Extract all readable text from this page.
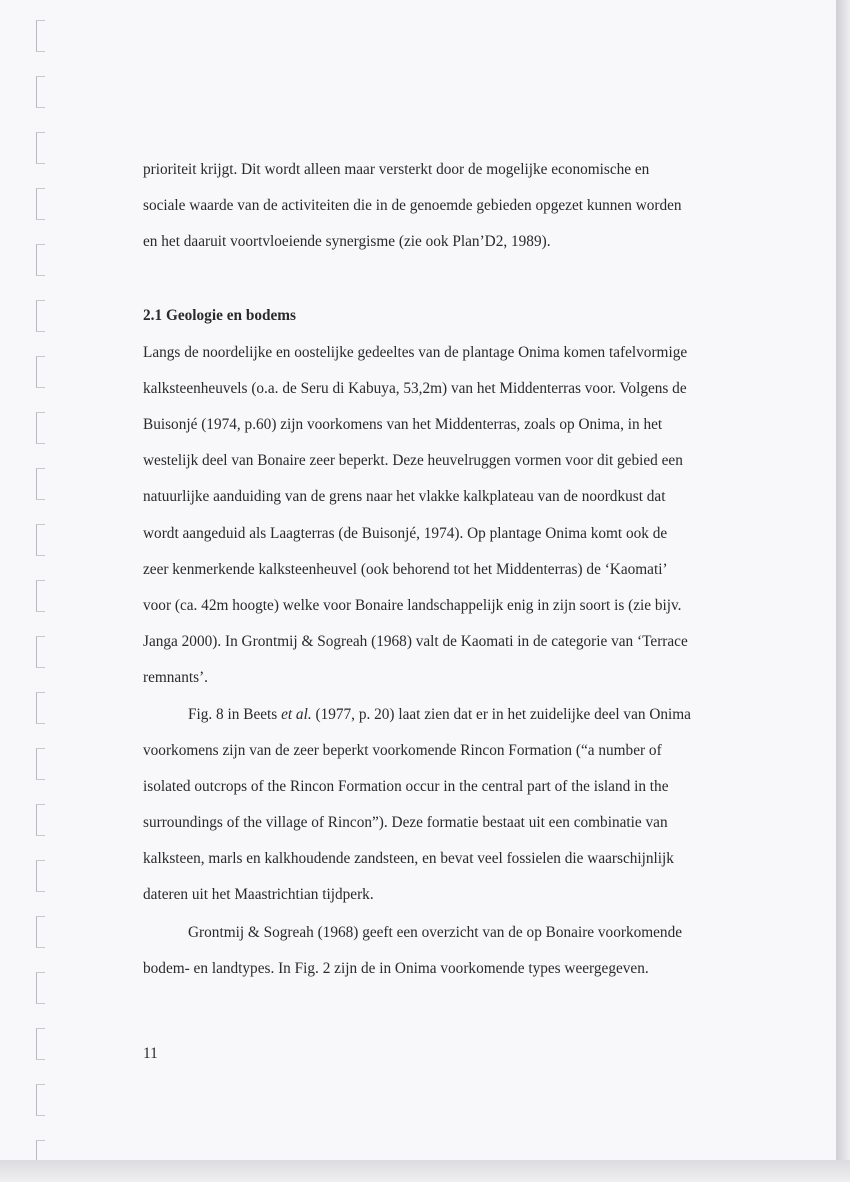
Fig. 8 in Beets et al. (1977, p. 20) laat zien dat er in het zuidelijke deel van Onima
prioriteit krijgt. Dit wordt alleen maar versterkt door de mogelijke economische en
sociale waarde van de activiteiten die in de genoemde gebieden opgezet kunnen worden
en het daaruit voortvloeiende synergisme (zie ook Plan’D2, 1989).
2.1 Geologie en bodems
Langs de noordelijke en oostelijke gedeeltes van de plantage Onima komen tafelvormige
kalksteenheuvels (o.a. de Seru di Kabuya, 53,2m) van het Middenterras voor. Volgens de
Buisonjé (1974, p.60) zijn voorkomens van het Middenterras, zoals op Onima, in het
westelijk deel van Bonaire zeer beperkt. Deze heuvelruggen vormen voor dit gebied een
natuurlijke aanduiding van de grens naar het vlakke kalkplateau van de noordkust dat
wordt aangeduid als Laagterras (de Buisonjé, 1974). Op plantage Onima komt ook de
zeer kenmerkende kalksteenheuvel (ook behorend tot het Middenterras) de ‘Kaomati’
voor (ca. 42m hoogte) welke voor Bonaire landschappelijk enig in zijn soort is (zie bijv.
Janga 2000). In Grontmij & Sogreah (1968) valt de Kaomati in de categorie van ‘Terrace
remnants’.
voorkomens zijn van de zeer beperkt voorkomende Rincon Formation (“a number of
isolated outcrops of the Rincon Formation occur in the central part of the island in the
surroundings of the village of Rincon”). Deze formatie bestaat uit een combinatie van
kalksteen, marls en kalkhoudende zandsteen, en bevat veel fossielen die waarschijnlijk
dateren uit het Maastrichtian tijdperk.
Grontmij & Sogreah (1968) geeft een overzicht van de op Bonaire voorkomende
bodem- en landtypes. In Fig. 2 zijn de in Onima voorkomende types weergegeven.
11
